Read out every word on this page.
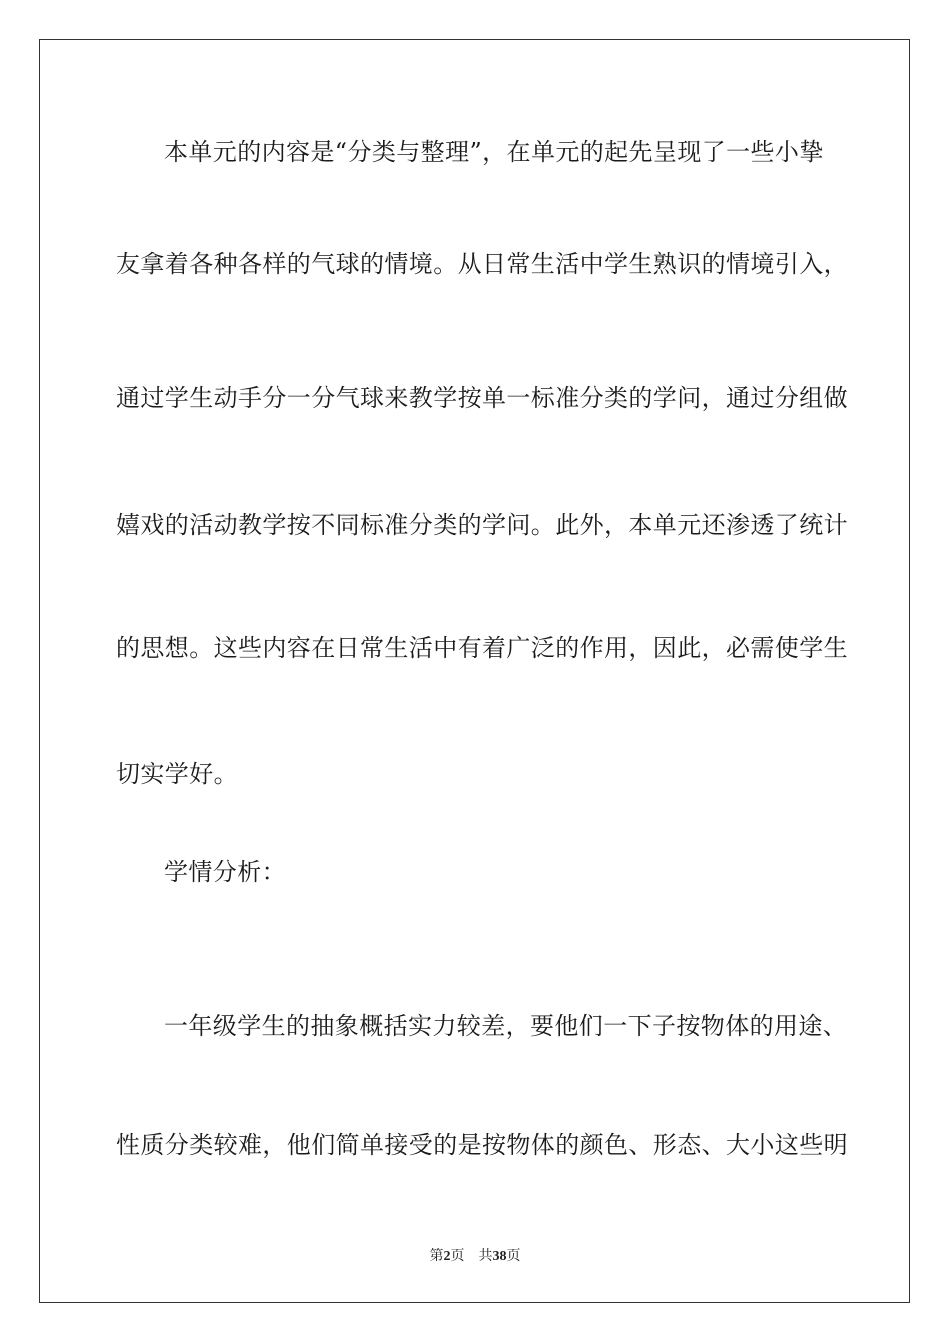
本单元的内容是“分类与整理”，在单元的起先呈现了一些小挚
友拿着各种各样的气球的情境。从日常生活中学生熟识的情境引入，
通过学生动手分一分气球来教学按单一标准分类的学问，通过分组做
嬉戏的活动教学按不同标准分类的学问。此外，本单元还渗透了统计
的思想。这些内容在日常生活中有着广泛的作用，因此，必需使学生
切实学好。
学情分析：
一年级学生的抽象概括实力较差，要他们一下子按物体的用途、
性质分类较难，他们简单接受的是按物体的颜色、形态、大小这些明
第2页 共38页
